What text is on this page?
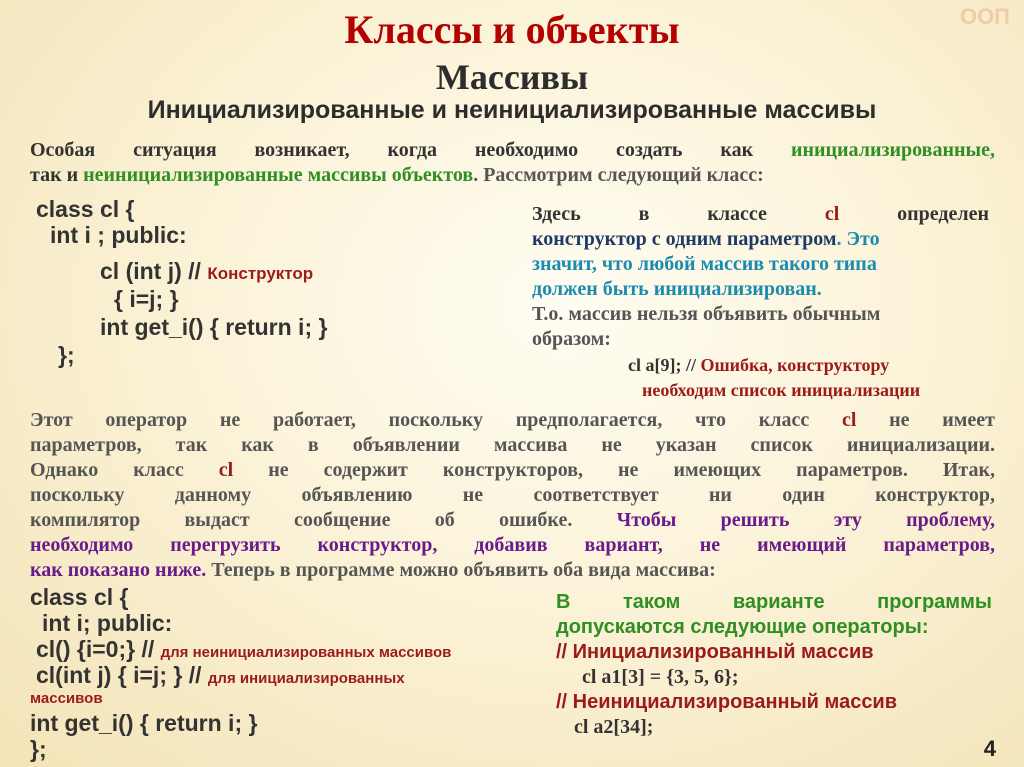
ООП
Классы и объекты
Массивы
Инициализированные и неинициализированные массивы
Особая ситуация возникает, когда необходимо создать как инициализированные,
так и неинициализированные массивы объектов. Рассмотрим следующий класс:
class cl {
int i ; public:
cl (int j) // Конструктор
{ i=j; }
int get_i() { return i; }
};
Здесь	в	классе	cl	определен
конструктор с одним параметром. Это
значит, что любой массив такого типа
должен быть инициализирован.
Т.о. массив нельзя объявить обычным
образом:
cl a[9]; // Ошибка, конструктору
необходим список инициализации
Этот оператор не работает, поскольку предполагается, что класс cl не имеет
параметров, так как в объявлении массива не указан список инициализации.
Однако класс cl не содержит конструкторов, не имеющих параметров. Итак,
поскольку данному объявлению не соответствует ни один конструктор,
компилятор выдаст сообщение об ошибке. Чтобы решить эту проблему,
необходимо перегрузить конструктор, добавив вариант, не имеющий параметров,
как показано ниже. Теперь в программе можно объявить оба вида массива:
class cl {
int i; public:
cl() {i=0;} // для неинициализированных массивов
cl(int j) { i=j; } // для инициализированных
массивов
int get_i() { return i; }
};
В	таком	варианте	программы
допускаются следующие операторы:
// Инициализированный массив
cl a1[3] = {3, 5, 6};
// Неинициализированный массив
cl a2[34];
4
